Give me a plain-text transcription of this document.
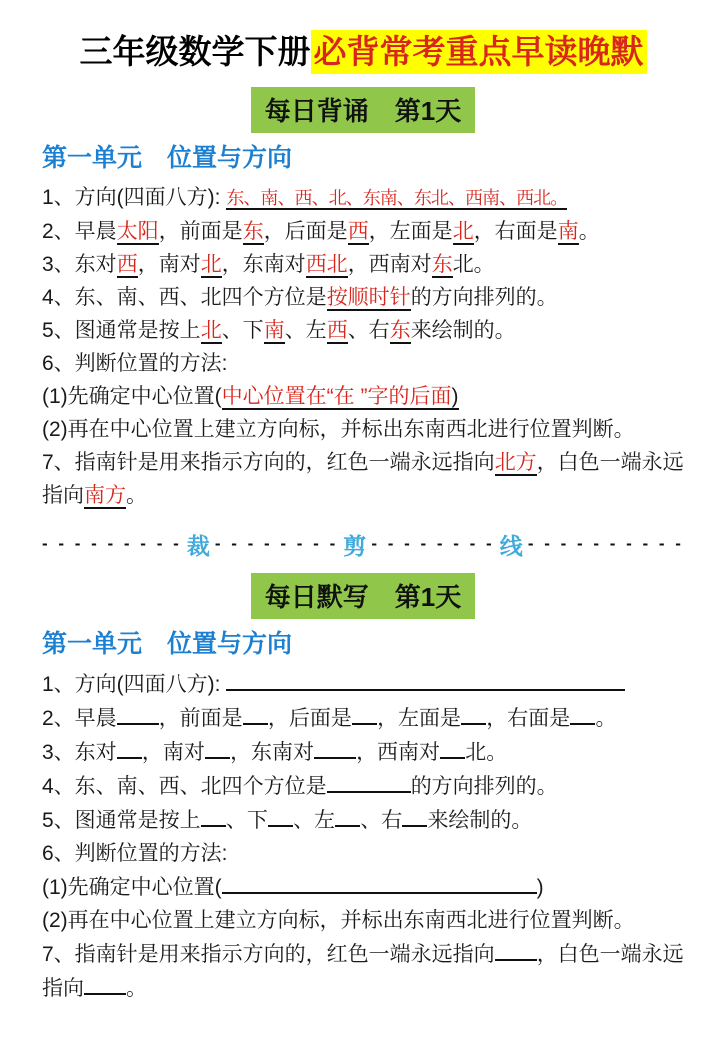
三年级数学下册必背常考重点早读晚默
每日背诵　第1天
第一单元　位置与方向
1、方向(四面八方): 东、南、西、北、东南、东北、西南、西北。
2、早晨太阳，前面是东，后面是西，左面是北，右面是南。
3、东对西，南对北，东南对西北，西南对东北。
4、东、南、西、北四个方位是按顺时针的方向排列的。
5、图通常是按上北、下南、左西、右东来绘制的。
6、判断位置的方法:
(1)先确定中心位置(中心位置在“在 ”字的后面)
(2)再在中心位置上建立方向标，并标出东南西北进行位置判断。
7、指南针是用来指示方向的，红色一端永远指向北方，白色一端永远指向南方。
- - - - - - - - - 裁 - - - - - - - - 剪 - - - - - - - - 线 - - - - - - - - - -
每日默写　第1天
第一单元　位置与方向
1、方向(四面八方):
2、早晨 ，前面是 ，后面是 ，左面是 ，右面是 。
3、东对 ，南对 ，东南对 ，西南对 北。
4、东、南、西、北四个方位是	的方向排列的。
5、图通常是按上 、下 、左 、右 来绘制的。
6、判断位置的方法:
(1)先确定中心位置(	)
(2)再在中心位置上建立方向标，并标出东南西北进行位置判断。
7、指南针是用来指示方向的，红色一端永远指向 ，白色一端永远指向 。
